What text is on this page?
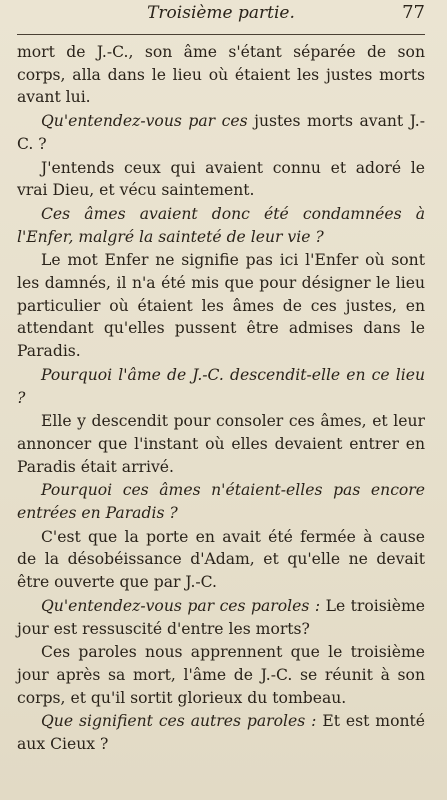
Troisième partie.	77

mort de J.-C., son âme s'étant séparée de son corps, alla dans le lieu où étaient les justes morts avant lui.

Qu'entendez-vous par ces justes morts avant J.-C. ?

J'entends ceux qui avaient connu et adoré le vrai Dieu, et vécu saintement.

Ces âmes avaient donc été condamnées à l'Enfer, malgré la sainteté de leur vie ?

Le mot Enfer ne signifie pas ici l'Enfer où sont les damnés, il n'a été mis que pour désigner le lieu particulier où étaient les âmes de ces justes, en attendant qu'elles pussent être admises dans le Paradis.

Pourquoi l'âme de J.-C. descendit-elle en ce lieu ?

Elle y descendit pour consoler ces âmes, et leur annoncer que l'instant où elles devaient entrer en Paradis était arrivé.

Pourquoi ces âmes n'étaient-elles pas encore entrées en Paradis ?

C'est que la porte en avait été fermée à cause de la désobéissance d'Adam, et qu'elle ne devait être ouverte que par J.-C.

Qu'entendez-vous par ces paroles : Le troisième jour est ressuscité d'entre les morts?

Ces paroles nous apprennent que le troisième jour après sa mort, l'âme de J.-C. se réunit à son corps, et qu'il sortit glorieux du tombeau.

Que signifient ces autres paroles : Et est monté aux Cieux ?
